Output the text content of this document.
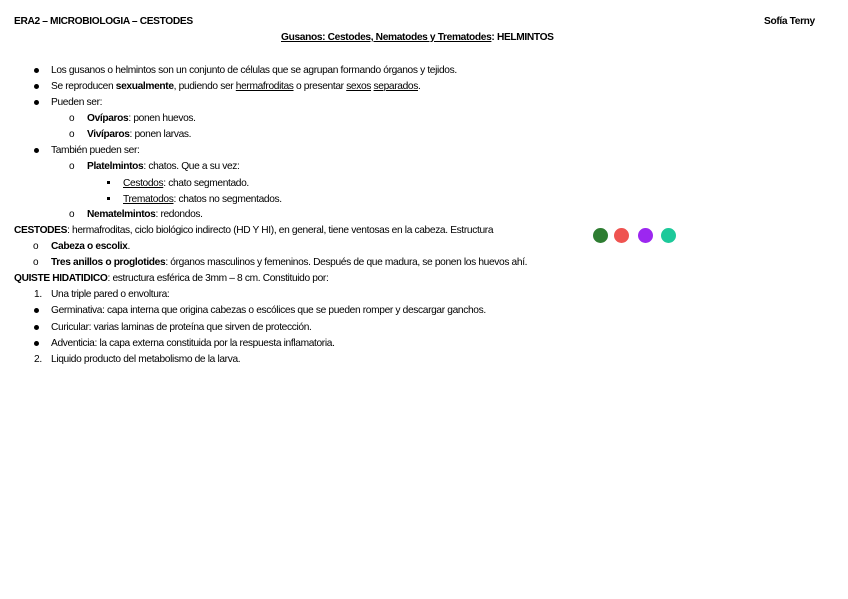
ERA2 – MICROBIOLOGIA – CESTODES	Sofía Terny
Gusanos: Cestodes, Nematodes y Trematodes: HELMINTOS
Los gusanos o helmintos son un conjunto de células que se agrupan formando órganos y tejidos.
Se reproducen sexualmente, pudiendo ser hermafroditas o presentar sexos separados.
Pueden ser:
o Ovíparos: ponen huevos.
o Vivíparos: ponen larvas.
También pueden ser:
o Platelmintos: chatos. Que a su vez:
Cestodos: chato segmentado.
Trematodos: chatos no segmentados.
o Nematelmintos: redondos.
CESTODES: hermafroditas, ciclo biológico indirecto (HD Y HI), en general, tiene ventosas en la cabeza. Estructura
o Cabeza o escolix.
o Tres anillos o proglotides: órganos masculinos y femeninos. Después de que madura, se ponen los huevos ahí.
QUISTE HIDATIDICO: estructura esférica de 3mm – 8 cm. Constituido por:
1. Una triple pared o envoltura:
Germinativa: capa interna que origina cabezas o escólices que se pueden romper y descargar ganchos.
Curicular: varias laminas de proteína que sirven de protección.
Adventicia: la capa externa constituida por la respuesta inflamatoria.
2. Liquido producto del metabolismo de la larva.
